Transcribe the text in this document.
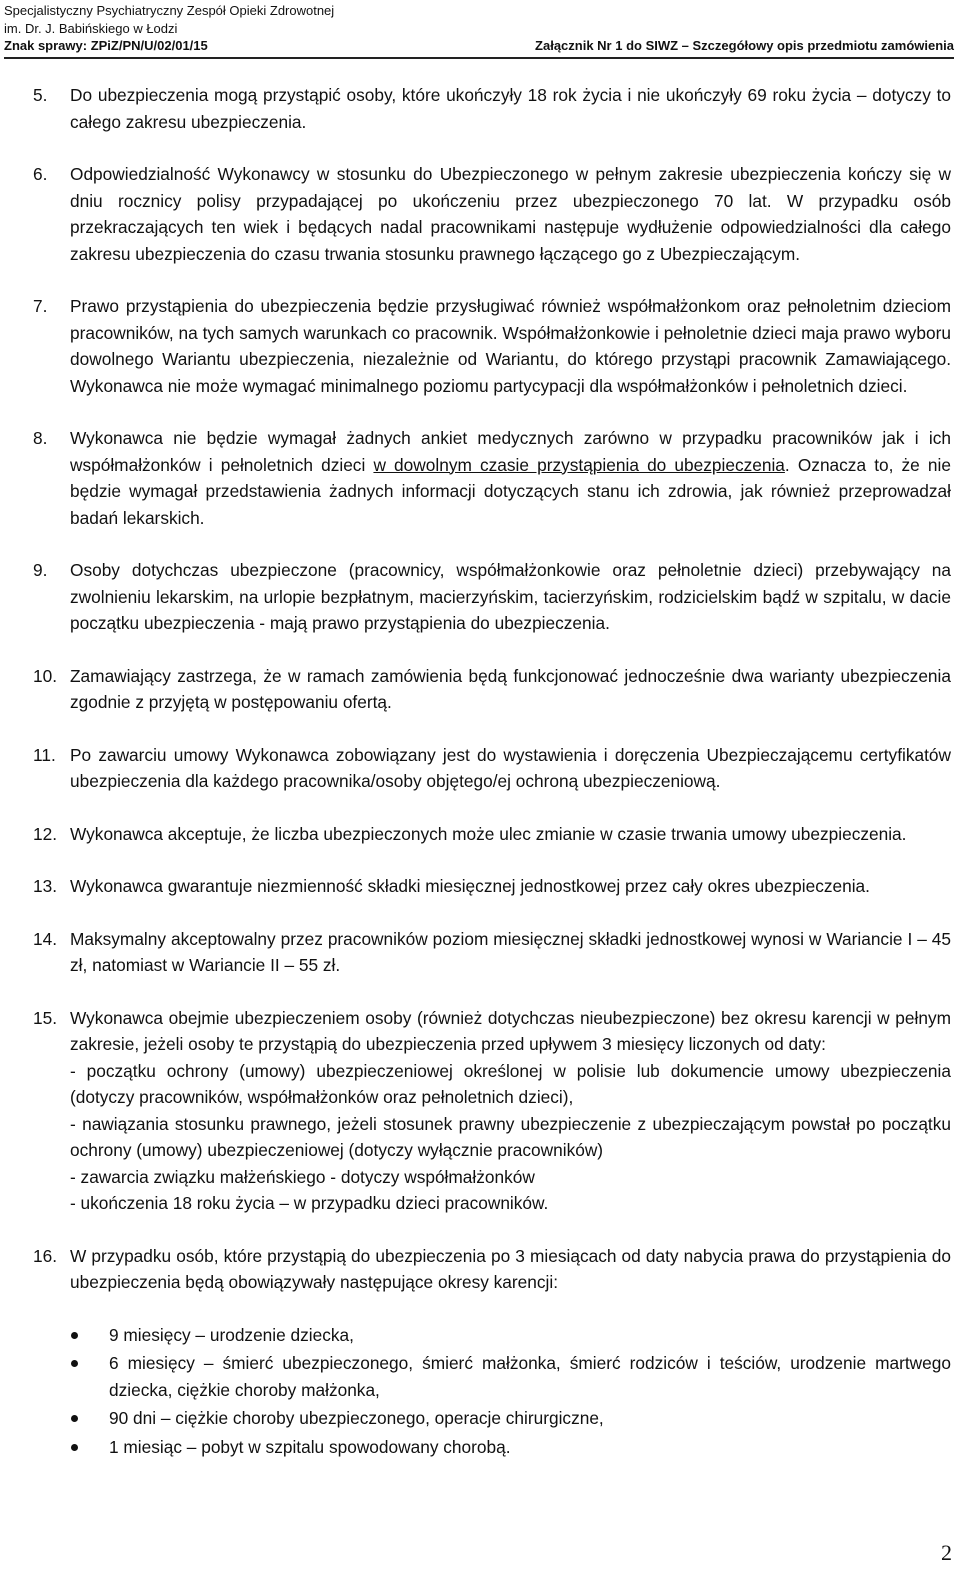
Specjalistyczny Psychiatryczny Zespół Opieki Zdrowotnej
im. Dr. J. Babińskiego w Łodzi
Znak sprawy: ZPiZ/PN/U/02/01/15	Załącznik Nr 1 do SIWZ – Szczegółowy opis przedmiotu zamówienia
5. Do ubezpieczenia mogą przystąpić osoby, które ukończyły 18 rok życia i nie ukończyły 69 roku życia – dotyczy to całego zakresu ubezpieczenia.

6. Odpowiedzialność Wykonawcy w stosunku do Ubezpieczonego w pełnym zakresie ubezpieczenia kończy się w dniu rocznicy polisy przypadającej po ukończeniu przez ubezpieczonego 70 lat. W przypadku osób przekraczających ten wiek i będących nadal pracownikami następuje wydłużenie odpowiedzialności dla całego zakresu ubezpieczenia do czasu trwania stosunku prawnego łączącego go z Ubezpieczającym.

7. Prawo przystąpienia do ubezpieczenia będzie przysługiwać również współmałżonkom oraz pełnoletnim dzieciom pracowników, na tych samych warunkach co pracownik. Współmałżonkowie i pełnoletnie dzieci maja prawo wyboru dowolnego Wariantu ubezpieczenia, niezależnie od Wariantu, do którego przystąpi pracownik Zamawiającego. Wykonawca nie może wymagać minimalnego poziomu partycypacji dla współmałżonków i pełnoletnich dzieci.

8. Wykonawca nie będzie wymagał żadnych ankiet medycznych zarówno w przypadku pracowników jak i ich współmałżonków i pełnoletnich dzieci w dowolnym czasie przystąpienia do ubezpieczenia. Oznacza to, że nie będzie wymagał przedstawienia żadnych informacji dotyczących stanu ich zdrowia, jak również przeprowadzał badań lekarskich.

9. Osoby dotychczas ubezpieczone (pracownicy, współmałżonkowie oraz pełnoletnie dzieci) przebywający na zwolnieniu lekarskim, na urlopie bezpłatnym, macierzyńskim, tacierzyńskim, rodzicielskim bądź w szpitalu, w dacie początku ubezpieczenia - mają prawo przystąpienia do ubezpieczenia.

10. Zamawiający zastrzega, że w ramach zamówienia będą funkcjonować jednocześnie dwa warianty ubezpieczenia zgodnie z przyjętą w postępowaniu ofertą.

11. Po zawarciu umowy Wykonawca zobowiązany jest do wystawienia i doręczenia Ubezpieczającemu certyfikatów ubezpieczenia dla każdego pracownika/osoby objętego/ej ochroną ubezpieczeniową.

12. Wykonawca akceptuje, że liczba ubezpieczonych może ulec zmianie w czasie trwania umowy ubezpieczenia.

13. Wykonawca gwarantuje niezmienność składki miesięcznej jednostkowej przez cały okres ubezpieczenia.

14. Maksymalny akceptowalny przez pracowników poziom miesięcznej składki jednostkowej wynosi w Wariancie I – 45 zł, natomiast w Wariancie II – 55 zł.

15. Wykonawca obejmie ubezpieczeniem osoby (również dotychczas nieubezpieczone) bez okresu karencji w pełnym zakresie, jeżeli osoby te przystąpią do ubezpieczenia przed upływem 3 miesięcy liczonych od daty:

- początku ochrony (umowy) ubezpieczeniowej określonej w polisie lub dokumencie umowy ubezpieczenia (dotyczy pracowników, współmałżonków oraz pełnoletnich dzieci),

- nawiązania stosunku prawnego, jeżeli stosunek prawny ubezpieczenie z ubezpieczającym powstał po początku ochrony (umowy) ubezpieczeniowej (dotyczy wyłącznie pracowników)

- zawarcia związku małżeńskiego - dotyczy współmałżonków

- ukończenia 18 roku życia – w przypadku dzieci pracowników.

16. W przypadku osób, które przystąpią do ubezpieczenia po 3 miesiącach od daty nabycia prawa do przystąpienia do ubezpieczenia będą obowiązywały następujące okresy karencji:

9 miesięcy – urodzenie dziecka,
6 miesięcy – śmierć ubezpieczonego, śmierć małżonka, śmierć rodziców i teściów, urodzenie martwego dziecka, ciężkie choroby małżonka,
90 dni – ciężkie choroby ubezpieczonego, operacje chirurgiczne,
1 miesiąc – pobyt w szpitalu spowodowany chorobą.
2
